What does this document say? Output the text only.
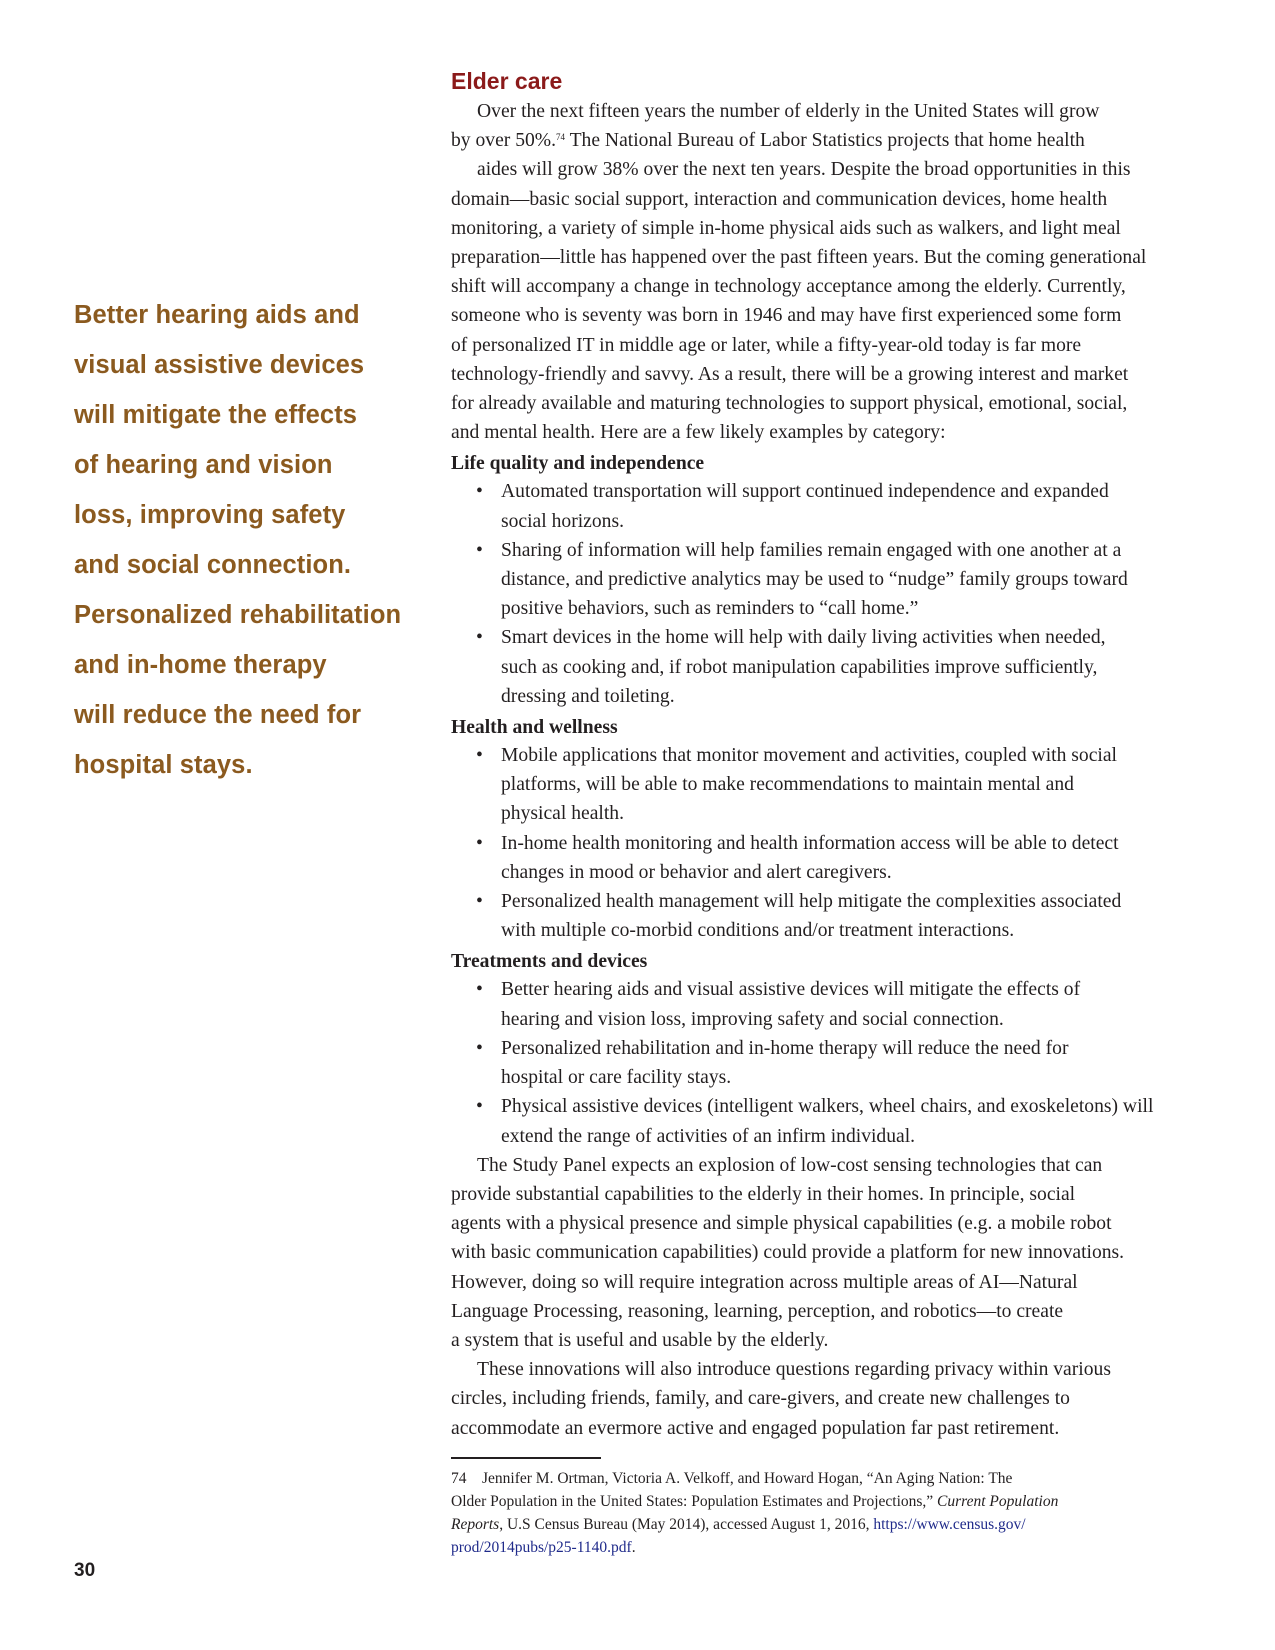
Better hearing aids and
visual assistive devices
will mitigate the effects
of hearing and vision
loss, improving safety
and social connection.
Personalized rehabilitation
and in-home therapy
will reduce the need for
hospital stays.
Elder care

Over the next fifteen years the number of elderly in the United States will grow
by over 50%.$^{74}$ The National Bureau of Labor Statistics projects that home health
aides will grow 38% over the next ten years. Despite the broad opportunities in this
domain—basic social support, interaction and communication devices, home health
monitoring, a variety of simple in-home physical aids such as walkers, and light meal
preparation—little has happened over the past fifteen years. But the coming generational
shift will accompany a change in technology acceptance among the elderly. Currently,
someone who is seventy was born in 1946 and may have first experienced some form
of personalized IT in middle age or later, while a fifty-year-old today is far more
technology-friendly and savvy. As a result, there will be a growing interest and market
for already available and maturing technologies to support physical, emotional, social,
and mental health. Here are a few likely examples by category:

Life quality and independence
• Automated transportation will support continued independence and expanded
social horizons.
• Sharing of information will help families remain engaged with one another at a
distance, and predictive analytics may be used to “nudge” family groups toward
positive behaviors, such as reminders to “call home.”
• Smart devices in the home will help with daily living activities when needed,
such as cooking and, if robot manipulation capabilities improve sufficiently,
dressing and toileting.
Health and wellness
• Mobile applications that monitor movement and activities, coupled with social
platforms, will be able to make recommendations to maintain mental and
physical health.
• In-home health monitoring and health information access will be able to detect
changes in mood or behavior and alert caregivers.
• Personalized health management will help mitigate the complexities associated
with multiple co-morbid conditions and/or treatment interactions.
Treatments and devices
• Better hearing aids and visual assistive devices will mitigate the effects of
hearing and vision loss, improving safety and social connection.
• Personalized rehabilitation and in-home therapy will reduce the need for
hospital or care facility stays.
• Physical assistive devices (intelligent walkers, wheel chairs, and exoskeletons) will
extend the range of activities of an infirm individual.

The Study Panel expects an explosion of low-cost sensing technologies that can
provide substantial capabilities to the elderly in their homes. In principle, social
agents with a physical presence and simple physical capabilities (e.g. a mobile robot
with basic communication capabilities) could provide a platform for new innovations.
However, doing so will require integration across multiple areas of AI—Natural
Language Processing, reasoning, learning, perception, and robotics—to create
a system that is useful and usable by the elderly.

These innovations will also introduce questions regarding privacy within various
circles, including friends, family, and care-givers, and create new challenges to
accommodate an evermore active and engaged population far past retirement.

74 Jennifer M. Ortman, Victoria A. Velkoff, and Howard Hogan, “An Aging Nation: The
Older Population in the United States: Population Estimates and Projections,” Current Population
Reports, U.S Census Bureau (May 2014), accessed August 1, 2016, https://www.census.gov/
prod/2014pubs/p25-1140.pdf.
30
